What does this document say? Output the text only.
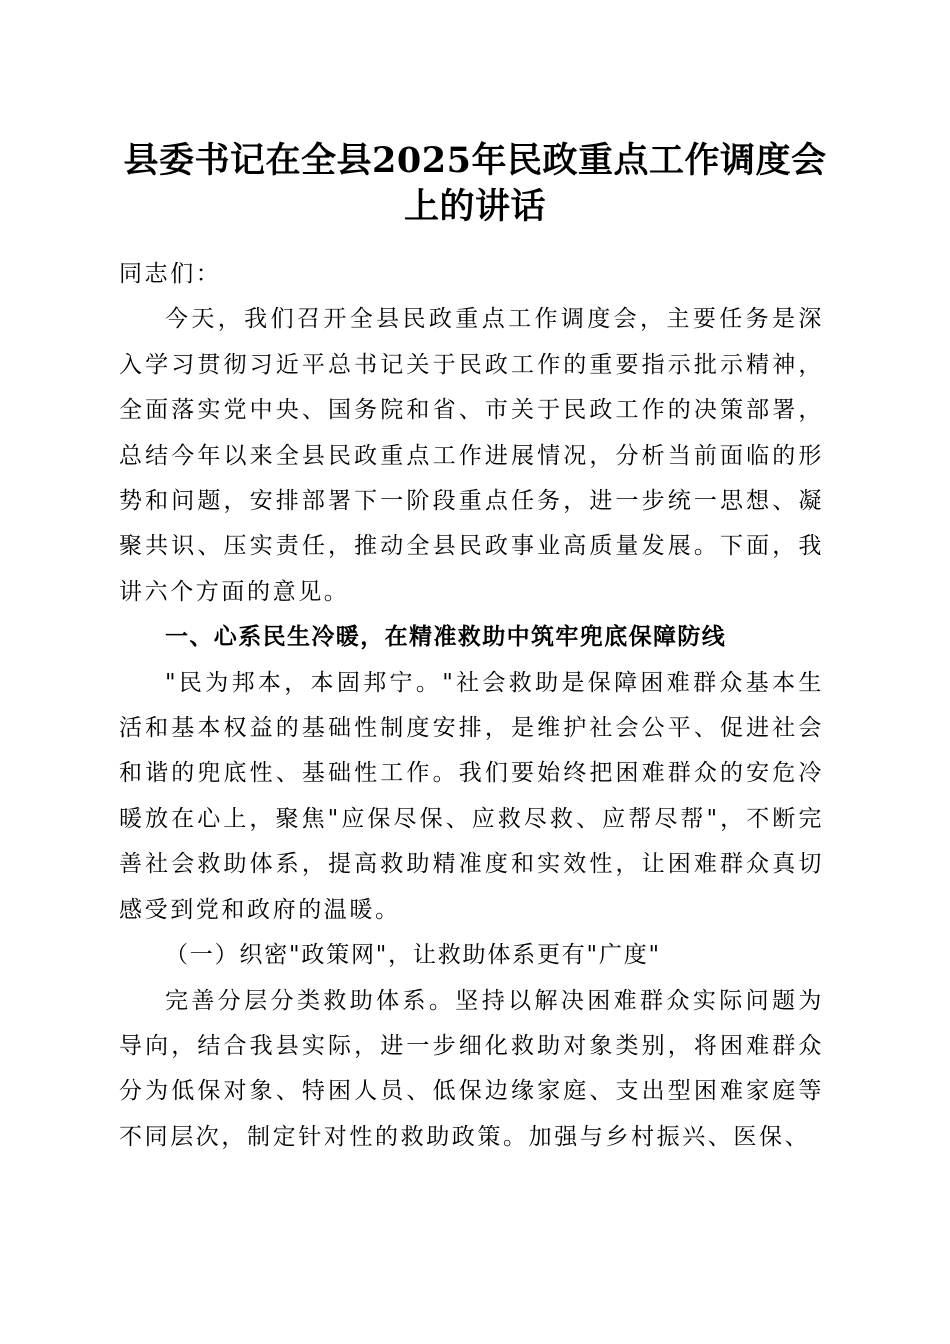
县委书记在全县2025年民政重点工作调度会
上的讲话

同志们：

今天，我们召开全县民政重点工作调度会，主要任务是深入学习贯彻习近平总书记关于民政工作的重要指示批示精神，全面落实党中央、国务院和省、市关于民政工作的决策部署，总结今年以来全县民政重点工作进展情况，分析当前面临的形势和问题，安排部署下一阶段重点任务，进一步统一思想、凝聚共识、压实责任，推动全县民政事业高质量发展。下面，我讲六个方面的意见。

一、心系民生冷暖，在精准救助中筑牢兜底保障防线

"民为邦本，本固邦宁。"社会救助是保障困难群众基本生活和基本权益的基础性制度安排，是维护社会公平、促进社会和谐的兜底性、基础性工作。我们要始终把困难群众的安危冷暖放在心上，聚焦"应保尽保、应救尽救、应帮尽帮"，不断完善社会救助体系，提高救助精准度和实效性，让困难群众真切感受到党和政府的温暖。

（一）织密"政策网"，让救助体系更有"广度"

完善分层分类救助体系。坚持以解决困难群众实际问题为导向，结合我县实际，进一步细化救助对象类别，将困难群众分为低保对象、特困人员、低保边缘家庭、支出型困难家庭等不同层次，制定针对性的救助政策。加强与乡村振兴、医保、
